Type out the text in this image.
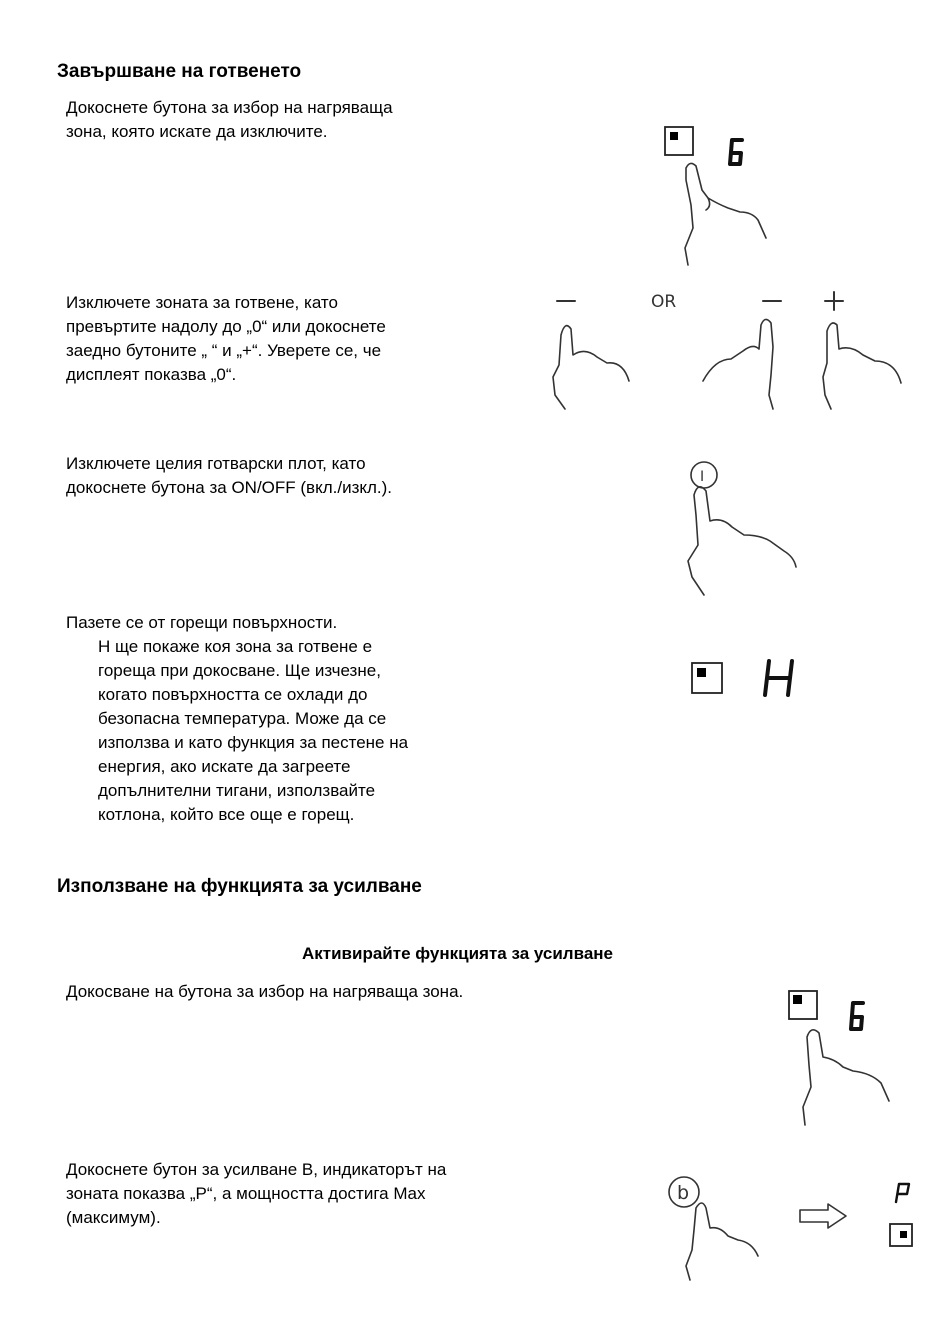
Завършване на готвенето
Докоснете бутона за избор на нагряваща
зона, която искате да изключите.
Изключете зоната за готвене, като
превъртите надолу до „0“ или докоснете
заедно бутоните „ “ и „+“. Уверете се, че
дисплеят показва „0“.
Изключете целия готварски плот, като
докоснете бутона за ON/OFF (вкл./изкл.).
Пазете се от горещи повърхности.
Н ще покаже коя зона за готвене е
гореща при докосване. Ще изчезне,
когато повърхността се охлади до
безопасна температура. Може да се
използва и като функция за пестене на
енергия, ако искате да загреете
допълнителни тигани, използвайте
котлона, който все още е горещ.
Използване на функцията за усилване
Активирайте функцията за усилване
Докосване на бутона за избор на нагряваща зона.
Докоснете бутон за усилване B, индикаторът на
зоната показва „P“, а мощността достига Max
(максимум).
OR
I
b
